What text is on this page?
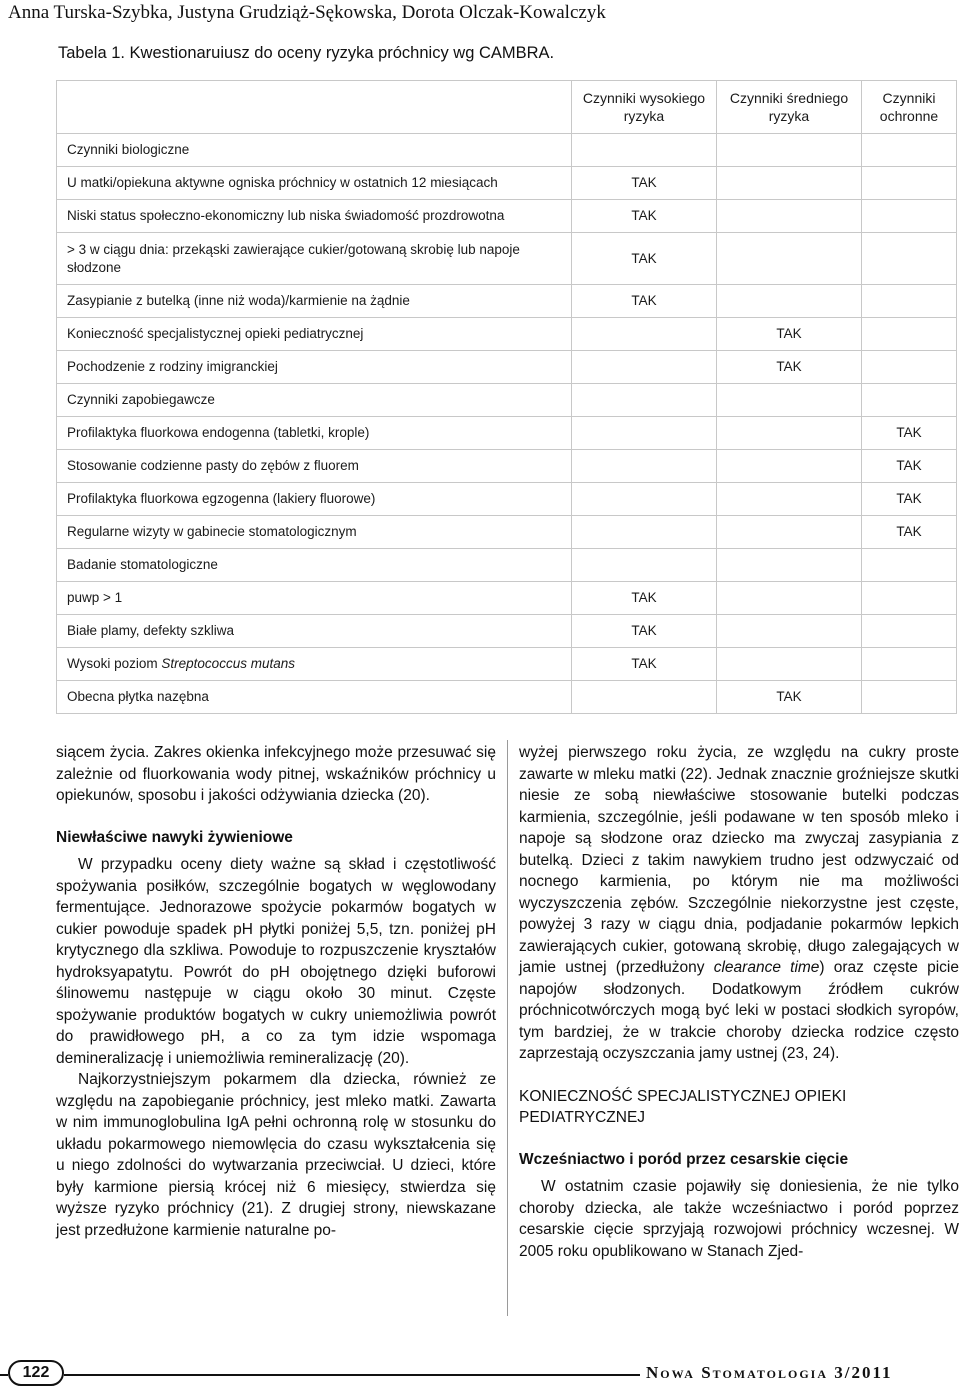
Anna Turska-Szybka, Justyna Grudziąż-Sękowska, Dorota Olczak-Kowalczyk
Tabela 1. Kwestionaruiusz do oceny ryzyka próchnicy wg CAMBRA.
	Czynniki wysokiego ryzyka	Czynniki średniego ryzyka	Czynniki ochronne
Czynniki biologiczne			
U matki/opiekuna aktywne ogniska próchnicy w ostatnich 12 miesiącach	TAK		
Niski status społeczno-ekonomiczny lub niska świadomość prozdrowotna	TAK		
> 3 w ciągu dnia: przekąski zawierające cukier/gotowaną skrobię lub napoje słodzone	TAK		
Zasypianie z butelką (inne niż woda)/karmienie na żądnie	TAK		
Konieczność specjalistycznej opieki pediatrycznej		TAK	
Pochodzenie z rodziny imigranckiej		TAK	
Czynniki zapobiegawcze			
Profilaktyka fluorkowa endogenna (tabletki, krople)			TAK
Stosowanie codzienne pasty do zębów z fluorem			TAK
Profilaktyka fluorkowa egzogenna (lakiery fluorowe)			TAK
Regularne wizyty w gabinecie stomatologicznym			TAK
Badanie stomatologiczne			
puwp > 1	TAK		
Białe plamy, defekty szkliwa	TAK		
Wysoki poziom Streptococcus mutans	TAK		
Obecna płytka nazębna		TAK	

siącem życia. Zakres okienka infekcyjnego może przesuwać się zależnie od fluorkowania wody pitnej, wskaźników próchnicy u opiekunów, sposobu i jakości odżywiania dziecka (20).

Niewłaściwe nawyki żywieniowe

W przypadku oceny diety ważne są skład i częstotliwość spożywania posiłków, szczególnie bogatych w węglowodany fermentujące. Jednorazowe spożycie pokarmów bogatych w cukier powoduje spadek pH płytki poniżej 5,5, tzn. poniżej pH krytycznego dla szkliwa. Powoduje to rozpuszczenie kryształów hydroksyapatytu. Powrót do pH obojętnego dzięki buforowi ślinowemu następuje w ciągu około 30 minut. Częste spożywanie produktów bogatych w cukry uniemożliwia powrót do prawidłowego pH, a co za tym idzie wspomaga demineralizację i uniemożliwia remineralizację (20).

Najkorzystniejszym pokarmem dla dziecka, również ze względu na zapobieganie próchnicy, jest mleko matki. Zawarta w nim immunoglobulina IgA pełni ochronną rolę w stosunku do układu pokarmowego niemowlęcia do czasu wykształcenia się u niego zdolności do wytwarzania przeciwciał. U dzieci, które były karmione piersią krócej niż 6 miesięcy, stwierdza się wyższe ryzyko próchnicy (21). Z drugiej strony, niewskazane jest przedłużone karmienie naturalne po-

wyżej pierwszego roku życia, ze względu na cukry proste zawarte w mleku matki (22). Jednak znacznie groźniejsze skutki niesie ze sobą niewłaściwe stosowanie butelki podczas karmienia, szczególnie, jeśli podawane w ten sposób mleko i napoje są słodzone oraz dziecko ma zwyczaj zasypiania z butelką. Dzieci z takim nawykiem trudno jest odzwyczaić od nocnego karmienia, po którym nie ma możliwości wyczyszczenia zębów. Szczególnie niekorzystne jest częste, powyżej 3 razy w ciągu dnia, podjadanie pokarmów lepkich zawierających cukier, gotowaną skrobię, długo zalegających w jamie ustnej (przedłużony clearance time) oraz częste picie napojów słodzonych. Dodatkowym źródłem cukrów próchnicotwórczych mogą być leki w postaci słodkich syropów, tym bardziej, że w trakcie choroby dziecka rodzice często zaprzestają oczyszczania jamy ustnej (23, 24).

KONIECZNOŚĆ SPECJALISTYCZNEJ OPIEKI PEDIATRYCZNEJ
Wcześniactwo i poród przez cesarskie cięcie

W ostatnim czasie pojawiły się doniesienia, że nie tylko choroby dziecka, ale także wcześniactwo i poród poprzez cesarskie cięcie sprzyjają rozwojowi próchnicy wczesnej. W 2005 roku opublikowano w Stanach Zjed-

122	Nowa Stomatologia 3/2011
